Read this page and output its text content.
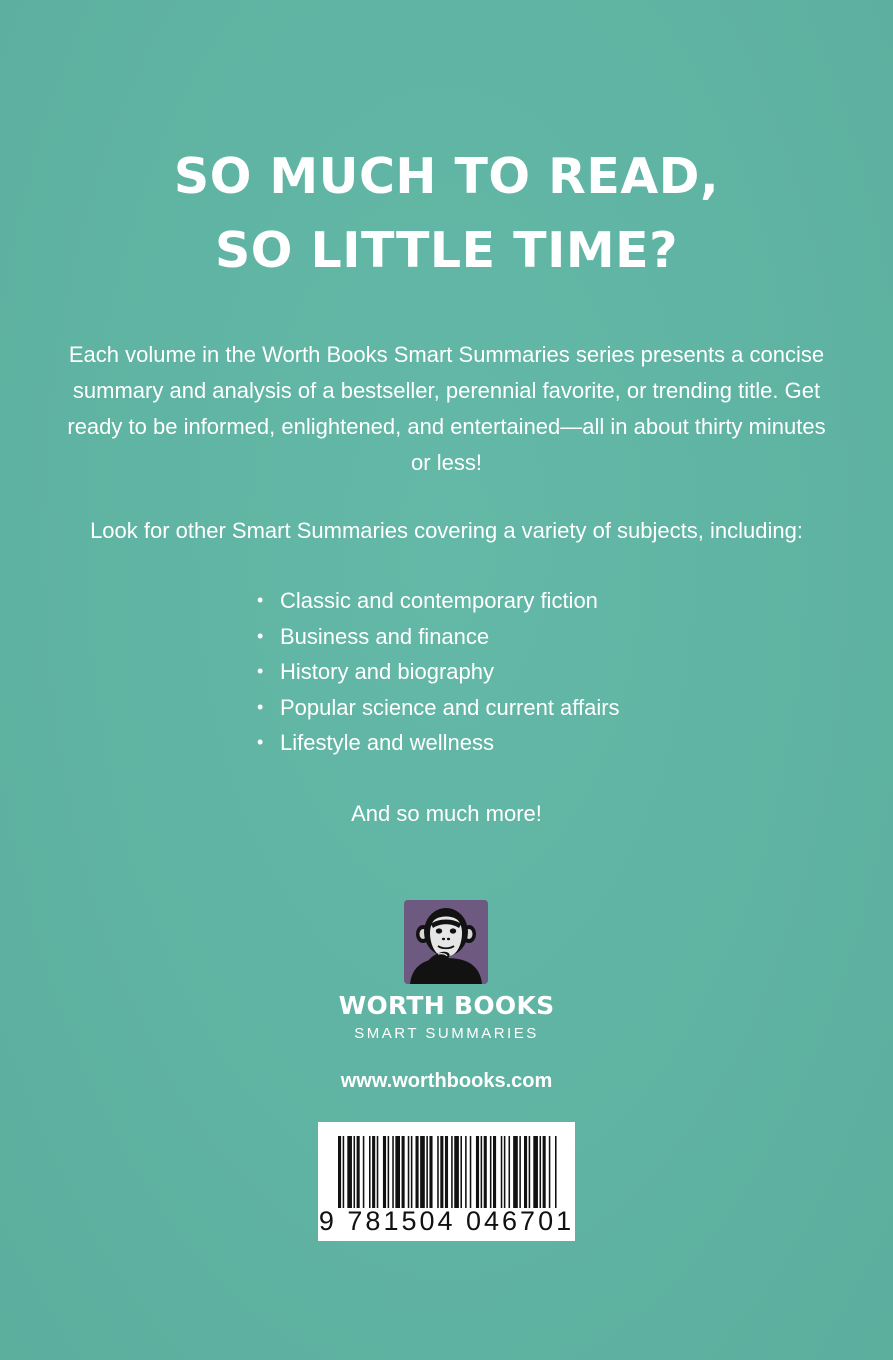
SO MUCH TO READ,
SO LITTLE TIME?

Each volume in the Worth Books Smart Summaries series presents a concise summary and analysis of a bestseller, perennial favorite, or trending title. Get ready to be informed, enlightened, and entertained—all in about thirty minutes or less!

Look for other Smart Summaries covering a variety of subjects, including:

• Classic and contemporary fiction
• Business and finance
• History and biography
• Popular science and current affairs
• Lifestyle and wellness

And so much more!

WORTH BOOKS

SMART SUMMARIES

www.worthbooks.com

9 781504 046701
